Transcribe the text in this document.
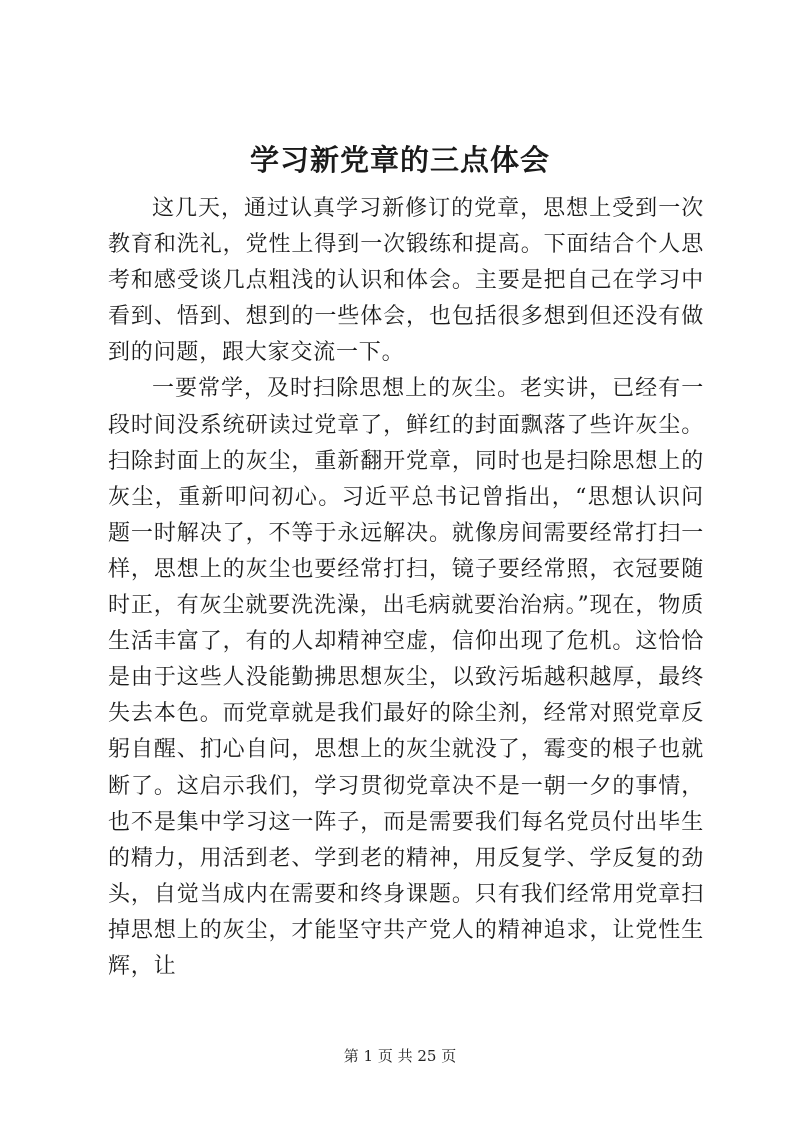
学习新党章的三点体会

这几天，通过认真学习新修订的党章，思想上受到一次教育和洗礼，党性上得到一次锻练和提高。下面结合个人思考和感受谈几点粗浅的认识和体会。主要是把自己在学习中看到、悟到、想到的一些体会，也包括很多想到但还没有做到的问题，跟大家交流一下。

一要常学，及时扫除思想上的灰尘。老实讲，已经有一段时间没系统研读过党章了，鲜红的封面飘落了些许灰尘。扫除封面上的灰尘，重新翻开党章，同时也是扫除思想上的灰尘，重新叩问初心。习近平总书记曾指出，“思想认识问题一时解决了，不等于永远解决。就像房间需要经常打扫一样，思想上的灰尘也要经常打扫，镜子要经常照，衣冠要随时正，有灰尘就要洗洗澡，出毛病就要治治病。”现在，物质生活丰富了，有的人却精神空虚，信仰出现了危机。这恰恰是由于这些人没能勤拂思想灰尘，以致污垢越积越厚，最终失去本色。而党章就是我们最好的除尘剂，经常对照党章反躬自醒、扪心自问，思想上的灰尘就没了，霉变的根子也就断了。这启示我们，学习贯彻党章决不是一朝一夕的事情，也不是集中学习这一阵子，而是需要我们每名党员付出毕生的精力，用活到老、学到老的精神，用反复学、学反复的劲头，自觉当成内在需要和终身课题。只有我们经常用党章扫掉思想上的灰尘，才能坚守共产党人的精神追求，让党性生辉，让

第 1 页 共 25 页
